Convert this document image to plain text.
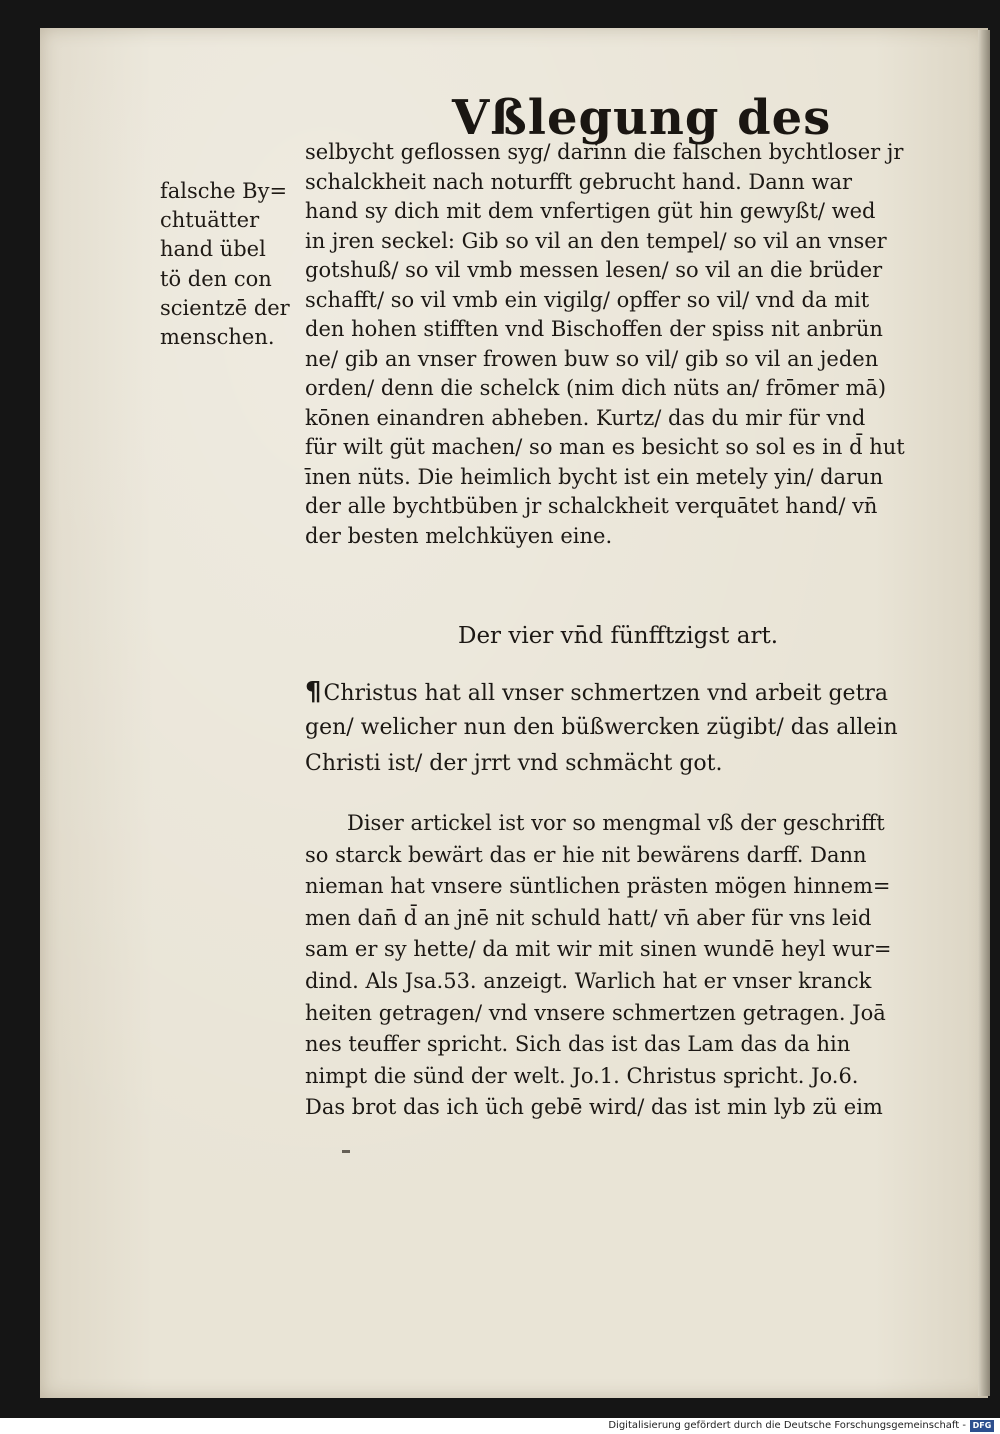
Vßlegung des
falsche By=
chtuätter
hand übel
tö den con
scientzē der
menschen.
selbycht geflossen syg/ darinn die falschen bychtloser jr
schalckheit nach noturfft gebrucht hand. Dann war
hand sy dich mit dem vnfertigen güt hin gewyßt/ wed
in jren seckel: Gib so vil an den tempel/ so vil an vnser
gotshuß/ so vil vmb messen lesen/ so vil an die brüder
schafft/ so vil vmb ein vigilg/ opffer so vil/ vnd da mit
den hohen stifften vnd Bischoffen der spiss nit anbrün
ne/ gib an vnser frowen buw so vil/ gib so vil an jeden
orden/ denn die schelck (nim dich nüts an/ frōmer mā)
kōnen einandren abheben. Kurtz/ das du mir für vnd
für wilt güt machen/ so man es besicht so sol es in d̄ hut
īnen nüts. Die heimlich bycht ist ein metely yin/ darun
der alle bychtbüben jr schalckheit verquātet hand/ vn̄
der besten melchküyen eine.
Der vier vn̄d fünfftzigst art.
¶Christus hat all vnser schmertzen vnd arbeit getra
gen/ welicher nun den büßwercken zügibt/ das allein
Christi ist/ der jrrt vnd schmächt got.
Diser artickel ist vor so mengmal vß der geschrifft
so starck bewärt das er hie nit bewärens darff. Dann
nieman hat vnsere süntlichen prästen mögen hinnem=
men dan̄ d̄ an jnē nit schuld hatt/ vn̄ aber für vns leid
sam er sy hette/ da mit wir mit sinen wundē heyl wur=
dind. Als Jsa.53. anzeigt. Warlich hat er vnser kranck
heiten getragen/ vnd vnsere schmertzen getragen. Joā
nes teuffer spricht. Sich das ist das Lam das da hin
nimpt die sünd der welt. Jo.1. Christus spricht. Jo.6.
Das brot das ich üch gebē wird/ das ist min lyb zü eim
Digitalisierung gefördert durch die Deutsche Forschungsgemeinschaft - DFG
